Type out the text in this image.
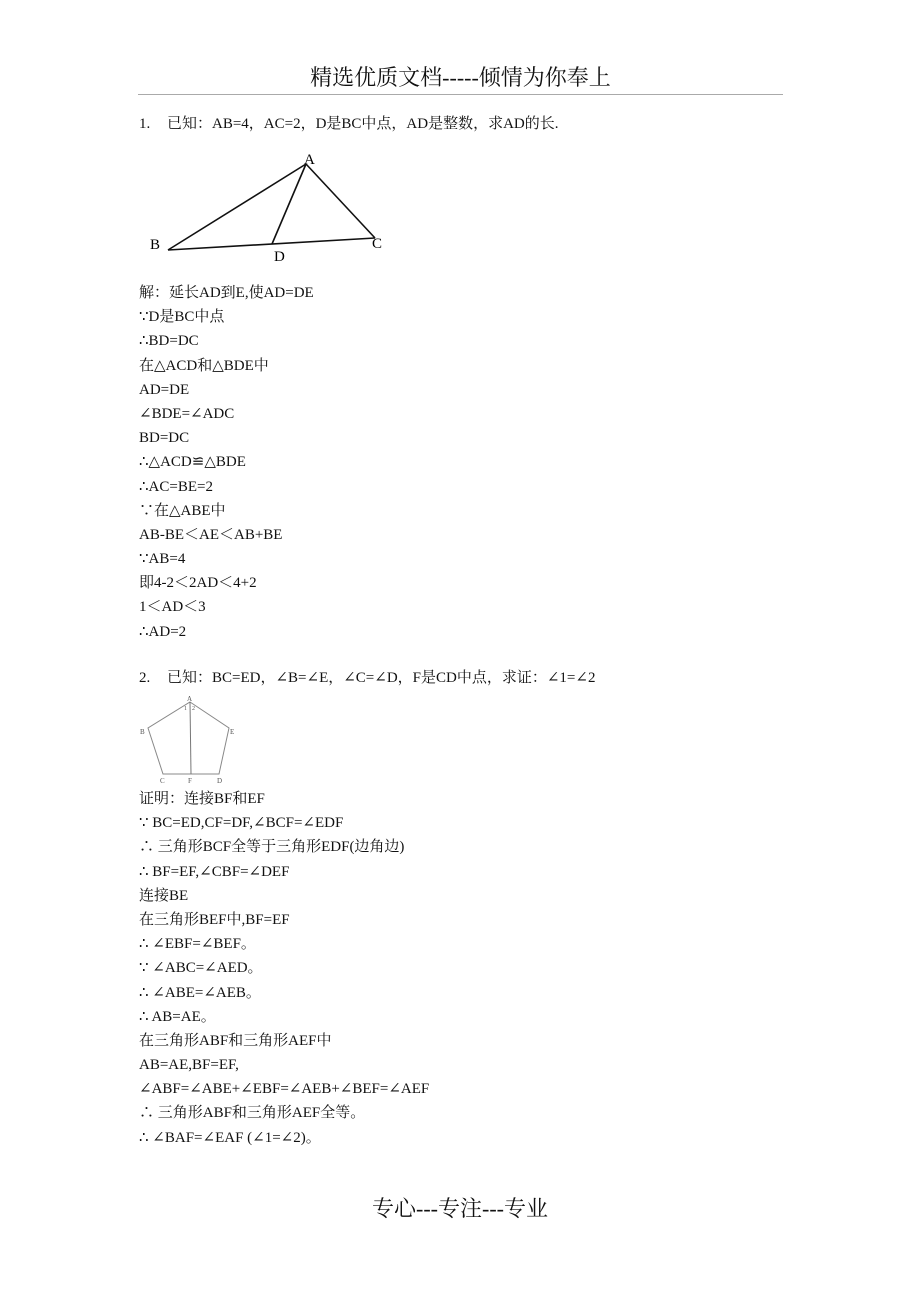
精选优质文档-----倾情为你奉上
1. 已知：AB=4，AC=2，D是BC中点，AD是整数，求AD的长.
A
B	C
D
解：延长AD到E,使AD=DE
∵D是BC中点
∴BD=DC
在△ACD和△BDE中
AD=DE
∠BDE=∠ADC
BD=DC
∴△ACD≌△BDE
∴AC=BE=2
∵在△ABE中
AB-BE＜AE＜AB+BE
∵AB=4
即4-2＜2AD＜4+2
1＜AD＜3
∴AD=2
2. 已知：BC=ED，∠B=∠E，∠C=∠D，F是CD中点，求证：∠1=∠2
A
1 2
B	E
C	F	D
证明：连接BF和EF
∵ BC=ED,CF=DF,∠BCF=∠EDF
∴ 三角形BCF全等于三角形EDF(边角边)
∴ BF=EF,∠CBF=∠DEF
连接BE
在三角形BEF中,BF=EF
∴ ∠EBF=∠BEF。
∵ ∠ABC=∠AED。
∴ ∠ABE=∠AEB。
∴ AB=AE。
在三角形ABF和三角形AEF中
AB=AE,BF=EF,
∠ABF=∠ABE+∠EBF=∠AEB+∠BEF=∠AEF
∴ 三角形ABF和三角形AEF全等。
∴ ∠BAF=∠EAF (∠1=∠2)。
专心---专注---专业
